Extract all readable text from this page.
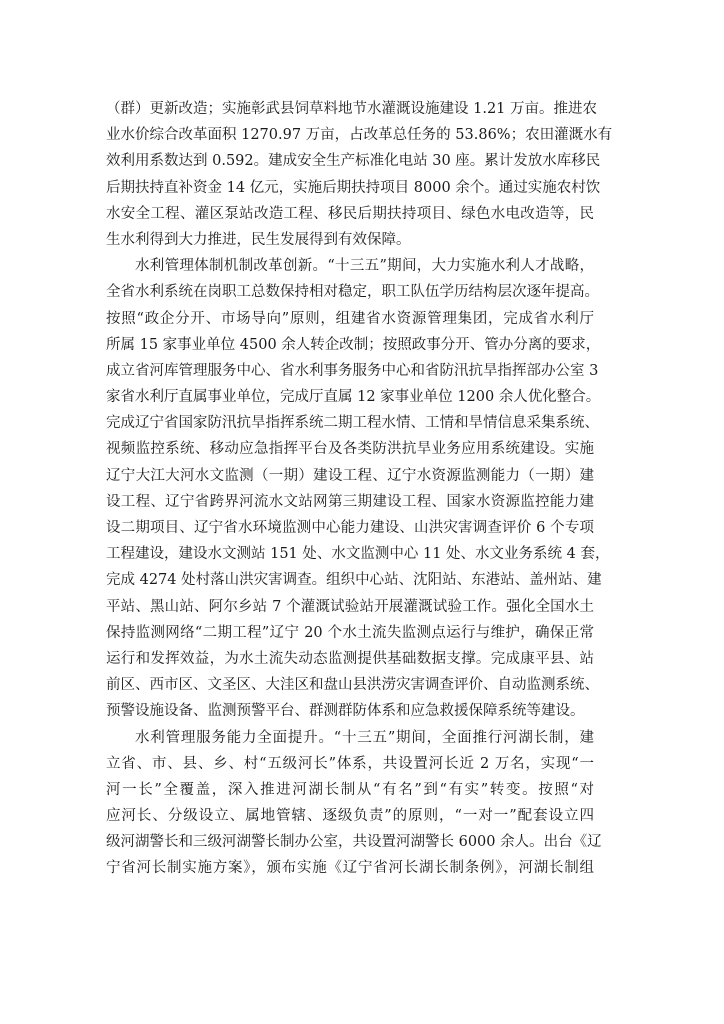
（群）更新改造；实施彰武县饲草料地节水灌溉设施建设 1.21 万亩。推进农
业水价综合改革面积 1270.97 万亩，占改革总任务的 53.86%；农田灌溉水有
效利用系数达到 0.592。建成安全生产标准化电站 30 座。累计发放水库移民
后期扶持直补资金 14 亿元，实施后期扶持项目 8000 余个。通过实施农村饮
水安全工程、灌区泵站改造工程、移民后期扶持项目、绿色水电改造等，民
生水利得到大力推进，民生发展得到有效保障。
水利管理体制机制改革创新。“十三五”期间，大力实施水利人才战略，
全省水利系统在岗职工总数保持相对稳定，职工队伍学历结构层次逐年提高。
按照“政企分开、市场导向”原则，组建省水资源管理集团，完成省水利厅
所属 15 家事业单位 4500 余人转企改制；按照政事分开、管办分离的要求，
成立省河库管理服务中心、省水利事务服务中心和省防汛抗旱指挥部办公室 3
家省水利厅直属事业单位，完成厅直属 12 家事业单位 1200 余人优化整合。
完成辽宁省国家防汛抗旱指挥系统二期工程水情、工情和旱情信息采集系统、
视频监控系统、移动应急指挥平台及各类防洪抗旱业务应用系统建设。实施
辽宁大江大河水文监测（一期）建设工程、辽宁水资源监测能力（一期）建
设工程、辽宁省跨界河流水文站网第三期建设工程、国家水资源监控能力建
设二期项目、辽宁省水环境监测中心能力建设、山洪灾害调查评价 6 个专项
工程建设，建设水文测站 151 处、水文监测中心 11 处、水文业务系统 4 套，
完成 4274 处村落山洪灾害调查。组织中心站、沈阳站、东港站、盖州站、建
平站、黑山站、阿尔乡站 7 个灌溉试验站开展灌溉试验工作。强化全国水土
保持监测网络“二期工程”辽宁 20 个水土流失监测点运行与维护，确保正常
运行和发挥效益，为水土流失动态监测提供基础数据支撑。完成康平县、站
前区、西市区、文圣区、大洼区和盘山县洪涝灾害调查评价、自动监测系统、
预警设施设备、监测预警平台、群测群防体系和应急救援保障系统等建设。
水利管理服务能力全面提升。“十三五”期间，全面推行河湖长制，建
立省、市、县、乡、村“五级河长”体系，共设置河长近 2 万名，实现“一
河一长”全覆盖，深入推进河湖长制从“有名”到“有实”转变。按照“对
应河长、分级设立、属地管辖、逐级负责”的原则，“一对一”配套设立四
级河湖警长和三级河湖警长制办公室，共设置河湖警长 6000 余人。出台《辽
宁省河长制实施方案》，颁布实施《辽宁省河长湖长制条例》，河湖长制组
